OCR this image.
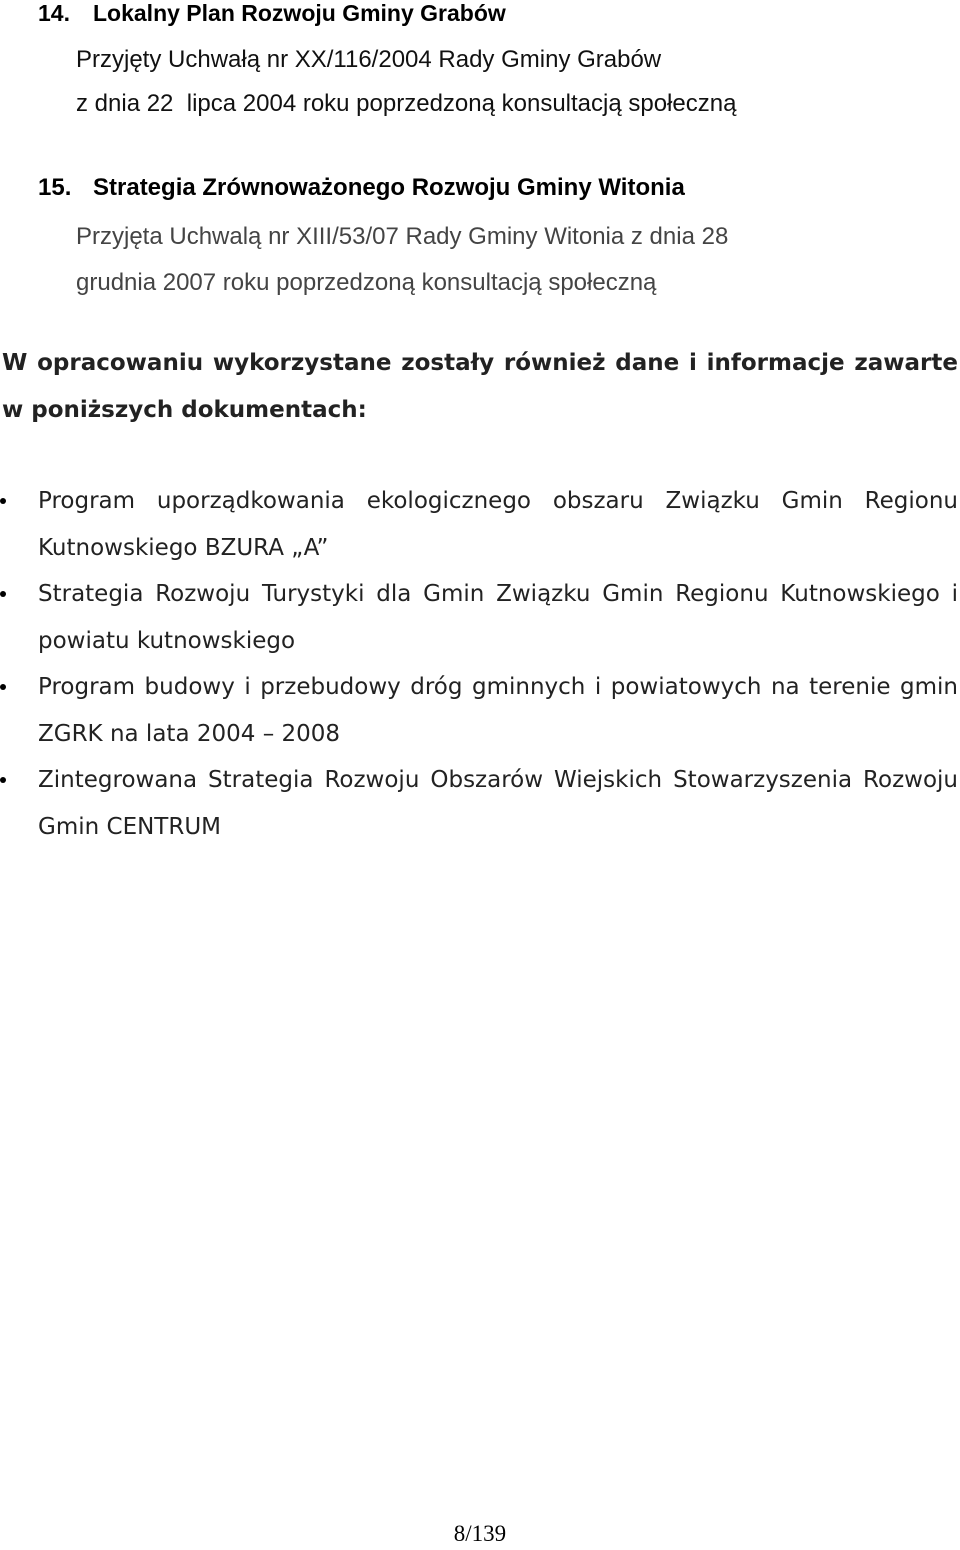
14. Lokalny Plan Rozwoju Gminy Grabów
Przyjęty Uchwałą nr XX/116/2004 Rady Gminy Grabów
z dnia 22  lipca 2004 roku poprzedzoną konsultacją społeczną
15. Strategia Zrównoważonego Rozwoju Gminy Witonia
Przyjęta Uchwalą nr XIII/53/07 Rady Gminy Witonia z dnia 28
grudnia 2007 roku poprzedzoną konsultacją społeczną
W opracowaniu wykorzystane zostały również dane i informacje zawarte w poniższych dokumentach:
Program uporządkowania ekologicznego obszaru Związku Gmin Regionu Kutnowskiego BZURA „A”
Strategia Rozwoju Turystyki dla Gmin Związku Gmin Regionu Kutnowskiego i powiatu kutnowskiego
Program budowy i przebudowy dróg gminnych i powiatowych na terenie gmin ZGRK na lata 2004 – 2008
Zintegrowana Strategia Rozwoju Obszarów Wiejskich Stowarzyszenia Rozwoju Gmin CENTRUM
8/139
